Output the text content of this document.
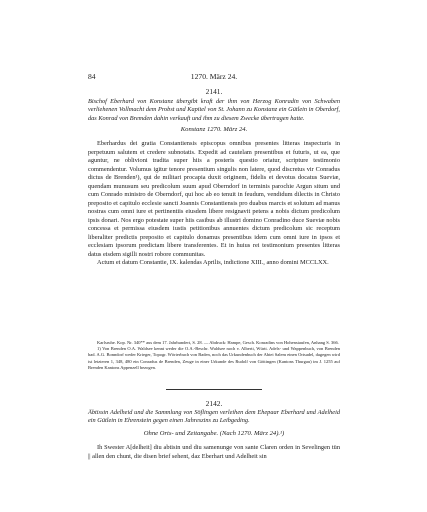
84	1270. März 24.
2141.
Bischof Eberhard von Konstanz übergibt kraft der ihm von Herzog Konradin von Schwaben verliehenen Vollmacht dem Probst und Kapitel von St. Johann zu Konstanz ein Gütlein in Oberdorf, das Konrad von Bremden dahin verkauft und ihm zu diesem Zwecke übertragen hatte.
Konstanz 1270. März 24.

Eberhardus dei gratia Constantiensis episcopus omnibus presentes litteras inspecturis in perpetuum salutem et credere subnotatis. Expedit ad cautelam presentibus et futuris, ut ea, que aguntur, ne oblivioni tradita super hiis a posteris questio oriatur, scripture testimonio commendentur. Volumus igitur tenore presentium singulis non latere, quod discretus vir Conradus dictus de Brenden¹), qui de militari procapia duxit originem, fidelis et devotus docatus Sueviæ, quendam munusum seu predicolum suum apud Oberndorf in terminis parochie Argun situm und cum Conrado ministro de Oberndorf, qui hoc ab eo tenuit in feudum, vendidum dilectis in Christo preposito et capitulo ecclesie sancti Joannis Constantiensis pro duabus marcis et solutum ad manus nostras cum omni iure et pertinentiis eiusdem libere resignavit petens a nobis dictum predicolum ipsis donari. Nos ergo potestate super hiis casibus ab illustri domino Conradino duce Sueviæ nobis concessa et permissa eiusdem iustis petitionibus annuentes dictum predicolum sic receptum liberaliter predictis preposito et capitulo donamus presentibus idem cum omni iure in ipsos et ecclesiam ipsorum predictam libere transferentes. Et in huius rei testimonium presentes litteras datus eisdem sigilli nostri robore communitas.

Actum et datum Constantie, IX. kalendas Aprilis, indictione XIII., anno domini MCCLXX.

Karlsruhe. Kop. Nr. 340** aus dem 17. Jahrhundert, S. 28. — Abdruck: Hampe, Gesch. Konradins von Hohenstaufen, Anhang S. 366.

1) Von Brenden O.A. Waldsee kennt weder die O.A.-Beschr. Waldsee noch v. Alberti, Württ. Adels- und Wappenbuch, von Brenden bad. A.G. Bonndorf weder Krieger, Topogr. Wörterbuch von Baden, noch das Urkundenbuch der Abtei Salem einen Ortsadel, dagegen wird ist letzteren 1, 348, 480 ein Conradus de Brenden, Zeuge in einer Urkunde des Rudolf von Göttingen (Kantons Thurgau) im J. 1255 auf Brenden Kantons Appenzell bezogen.

2142.
Äbtissin Adelheid und die Sammlung von Söflingen verleihen dem Ehepaar Eberhard und Adelheid ein Gütlein in Ehrenstein gegen einen Jahreszins zu Leibgeding.
Ohne Orts- und Zeitangabe. (Nach 1270. März 24).¹)

Ih Swester A[delheit] diu abtisin und diu samenunge von sante Claren orden in Sevelingen tün || allen den chunt, die disen brief sehent, daz Eberhart und Adelheit sin
